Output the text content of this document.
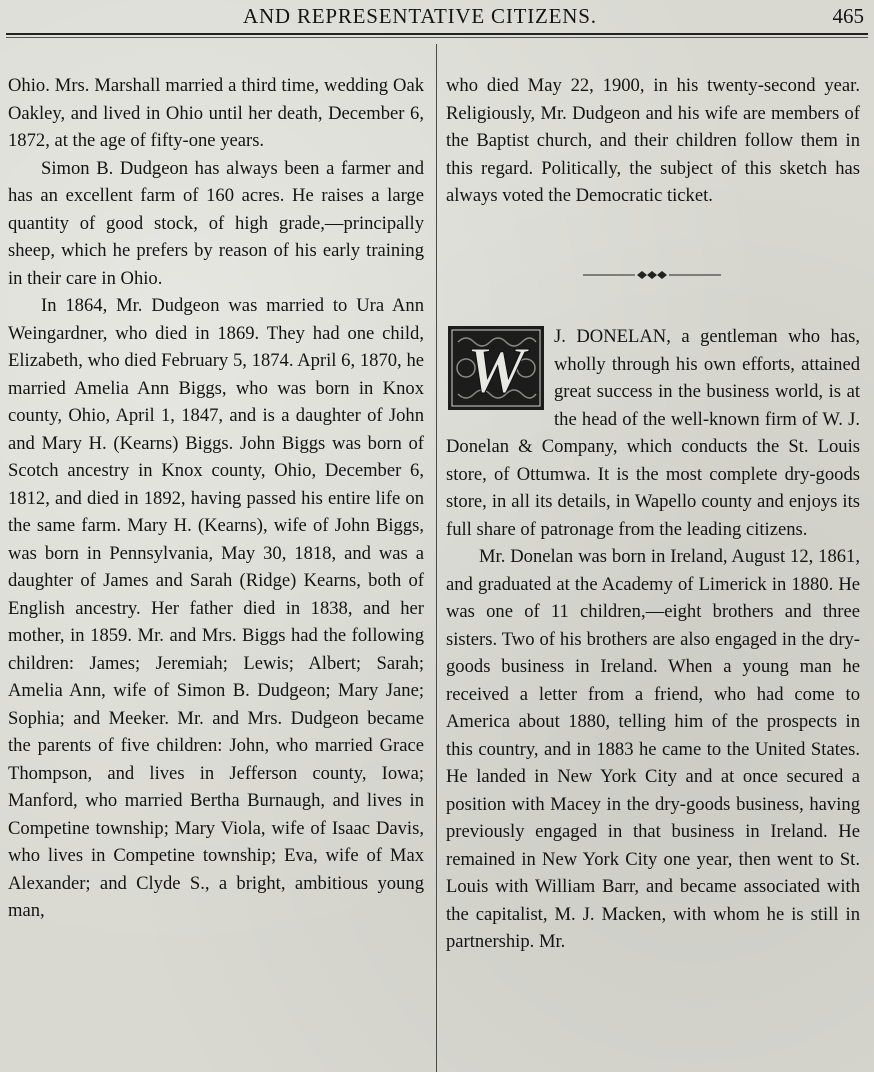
AND REPRESENTATIVE CITIZENS.	465

Ohio. Mrs. Marshall married a third time, wedding Oak Oakley, and lived in Ohio until her death, December 6, 1872, at the age of fifty-one years.

Simon B. Dudgeon has always been a farmer and has an excellent farm of 160 acres. He raises a large quantity of good stock, of high grade,—principally sheep, which he prefers by reason of his early training in their care in Ohio.

In 1864, Mr. Dudgeon was married to Ura Ann Weingardner, who died in 1869. They had one child, Elizabeth, who died February 5, 1874. April 6, 1870, he married Amelia Ann Biggs, who was born in Knox county, Ohio, April 1, 1847, and is a daughter of John and Mary H. (Kearns) Biggs. John Biggs was born of Scotch ancestry in Knox county, Ohio, December 6, 1812, and died in 1892, having passed his entire life on the same farm. Mary H. (Kearns), wife of John Biggs, was born in Pennsylvania, May 30, 1818, and was a daughter of James and Sarah (Ridge) Kearns, both of English ancestry. Her father died in 1838, and her mother, in 1859. Mr. and Mrs. Biggs had the following children: James; Jeremiah; Lewis; Albert; Sarah; Amelia Ann, wife of Simon B. Dudgeon; Mary Jane; Sophia; and Meeker. Mr. and Mrs. Dudgeon became the parents of five children: John, who married Grace Thompson, and lives in Jefferson county, Iowa; Manford, who married Bertha Burnaugh, and lives in Competine township; Mary Viola, wife of Isaac Davis, who lives in Competine township; Eva, wife of Max Alexander; and Clyde S., a bright, ambitious young man,

who died May 22, 1900, in his twenty-second year. Religiously, Mr. Dudgeon and his wife are members of the Baptist church, and their children follow them in this regard. Politically, the subject of this sketch has always voted the Democratic ticket.

W	J. DONELAN, a gentleman who has, wholly through his own efforts, attained great success in the business world, is at the head of the well-known firm of W. J. Donelan & Company, which conducts the St. Louis store, of Ottumwa. It is the most complete dry-goods store, in all its details, in Wapello county and enjoys its full share of patronage from the leading citizens.

Mr. Donelan was born in Ireland, August 12, 1861, and graduated at the Academy of Limerick in 1880. He was one of 11 children,—eight brothers and three sisters. Two of his brothers are also engaged in the dry-goods business in Ireland. When a young man he received a letter from a friend, who had come to America about 1880, telling him of the prospects in this country, and in 1883 he came to the United States. He landed in New York City and at once secured a position with Macey in the dry-goods business, having previously engaged in that business in Ireland. He remained in New York City one year, then went to St. Louis with William Barr, and became associated with the capitalist, M. J. Macken, with whom he is still in partnership. Mr.
